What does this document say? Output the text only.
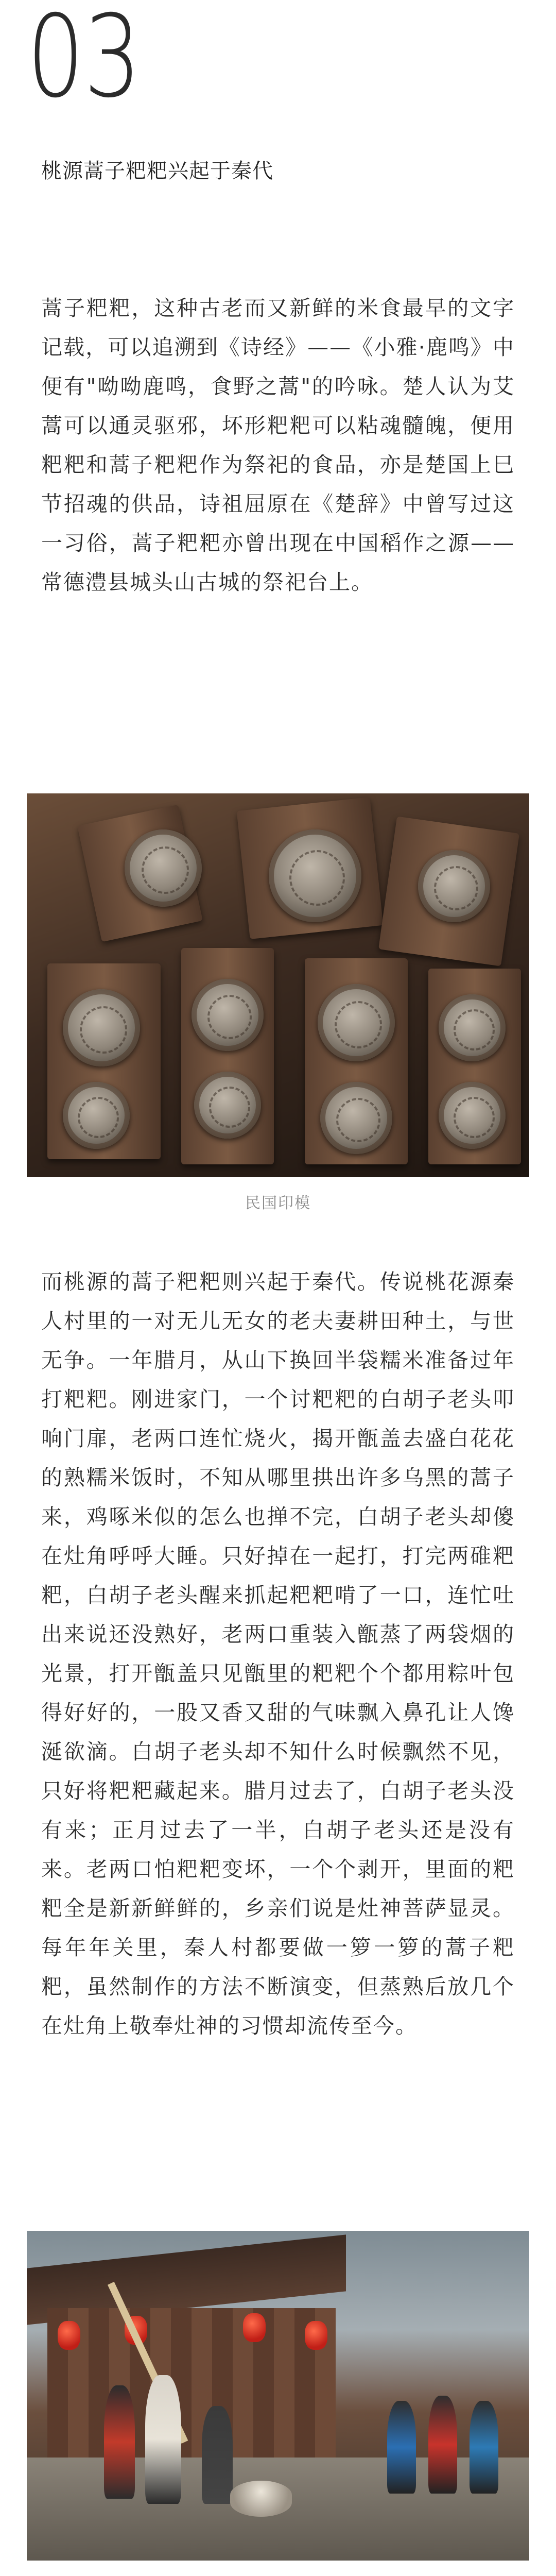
03
桃源蒿子粑粑兴起于秦代

蒿子粑粑，这种古老而又新鲜的米食最早的文字记载，可以追溯到《诗经》——《小雅·鹿鸣》中便有"呦呦鹿鸣，食野之蒿"的吟咏。楚人认为艾蒿可以通灵驱邪，坏形粑粑可以粘魂髓魄，便用粑粑和蒿子粑粑作为祭祀的食品，亦是楚国上巳节招魂的供品，诗祖屈原在《楚辞》中曾写过这一习俗，蒿子粑粑亦曾出现在中国稻作之源——常德澧县城头山古城的祭祀台上。

民国印模

而桃源的蒿子粑粑则兴起于秦代。传说桃花源秦人村里的一对无儿无女的老夫妻耕田种土，与世无争。一年腊月，从山下换回半袋糯米准备过年打粑粑。刚进家门，一个讨粑粑的白胡子老头叩响门扉，老两口连忙烧火，揭开甑盖去盛白花花的熟糯米饭时，不知从哪里拱出许多乌黑的蒿子来，鸡啄米似的怎么也掸不完，白胡子老头却傻在灶角呼呼大睡。只好掉在一起打，打完两碓粑粑，白胡子老头醒来抓起粑粑啃了一口，连忙吐出来说还没熟好，老两口重装入甑蒸了两袋烟的光景，打开甑盖只见甑里的粑粑个个都用粽叶包得好好的，一股又香又甜的气味飘入鼻孔让人馋涎欲滴。白胡子老头却不知什么时候飘然不见，只好将粑粑藏起来。腊月过去了，白胡子老头没有来；正月过去了一半，白胡子老头还是没有来。老两口怕粑粑变坏，一个个剥开，里面的粑粑全是新新鲜鲜的，乡亲们说是灶神菩萨显灵。每年年关里，秦人村都要做一箩一箩的蒿子粑粑，虽然制作的方法不断演变，但蒸熟后放几个在灶角上敬奉灶神的习惯却流传至今。
